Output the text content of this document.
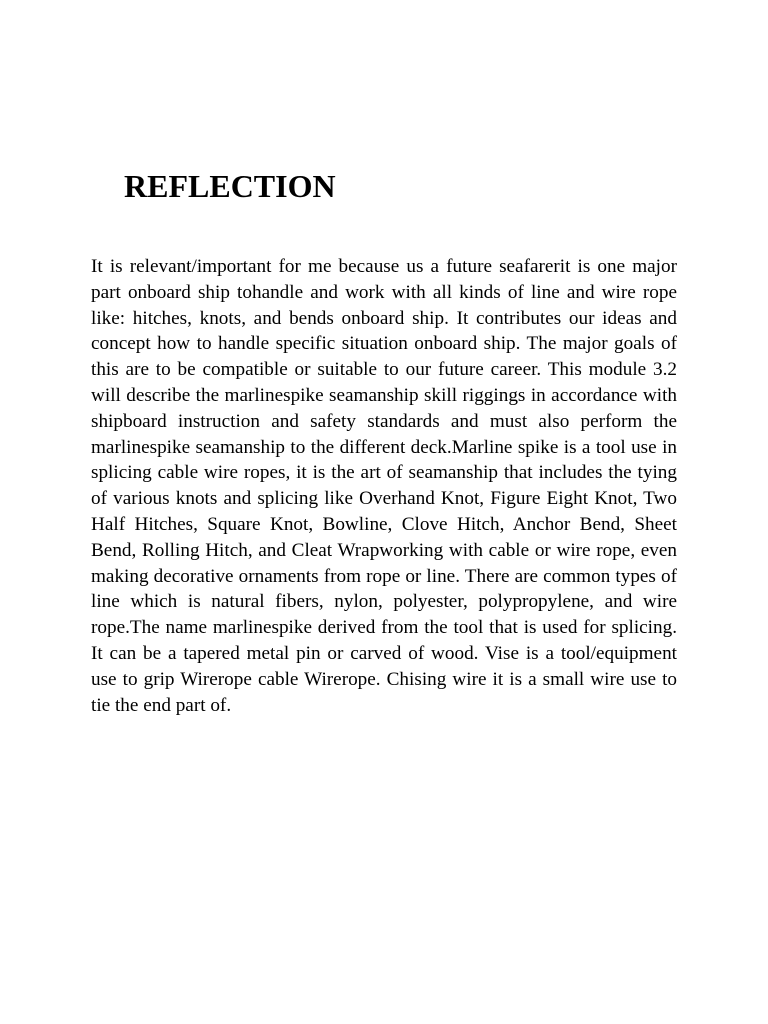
REFLECTION

It is relevant/important for me because us a future seafarerit is one major part onboard ship tohandle and work with all kinds of line and wire rope like: hitches, knots, and bends onboard ship. It contributes our ideas and concept how to handle specific situation onboard ship. The major goals of this are to be compatible or suitable to our future career. This module 3.2 will describe the marlinespike seamanship skill riggings in accordance with shipboard instruction and safety standards and must also perform the marlinespike seamanship to the different deck.Marline spike is a tool use in splicing cable wire ropes, it is the art of seamanship that includes the tying of various knots and splicing like Overhand Knot, Figure Eight Knot, Two Half Hitches, Square Knot, Bowline, Clove Hitch, Anchor Bend, Sheet Bend, Rolling Hitch, and Cleat Wrapworking with cable or wire rope, even making decorative ornaments from rope or line. There are common types of line which is natural fibers, nylon, polyester, polypropylene, and wire rope.The name marlinespike derived from the tool that is used for splicing. It can be a tapered metal pin or carved of wood. Vise is a tool/equipment use to grip Wirerope cable Wirerope. Chising wire it is a small wire use to tie the end part of.
